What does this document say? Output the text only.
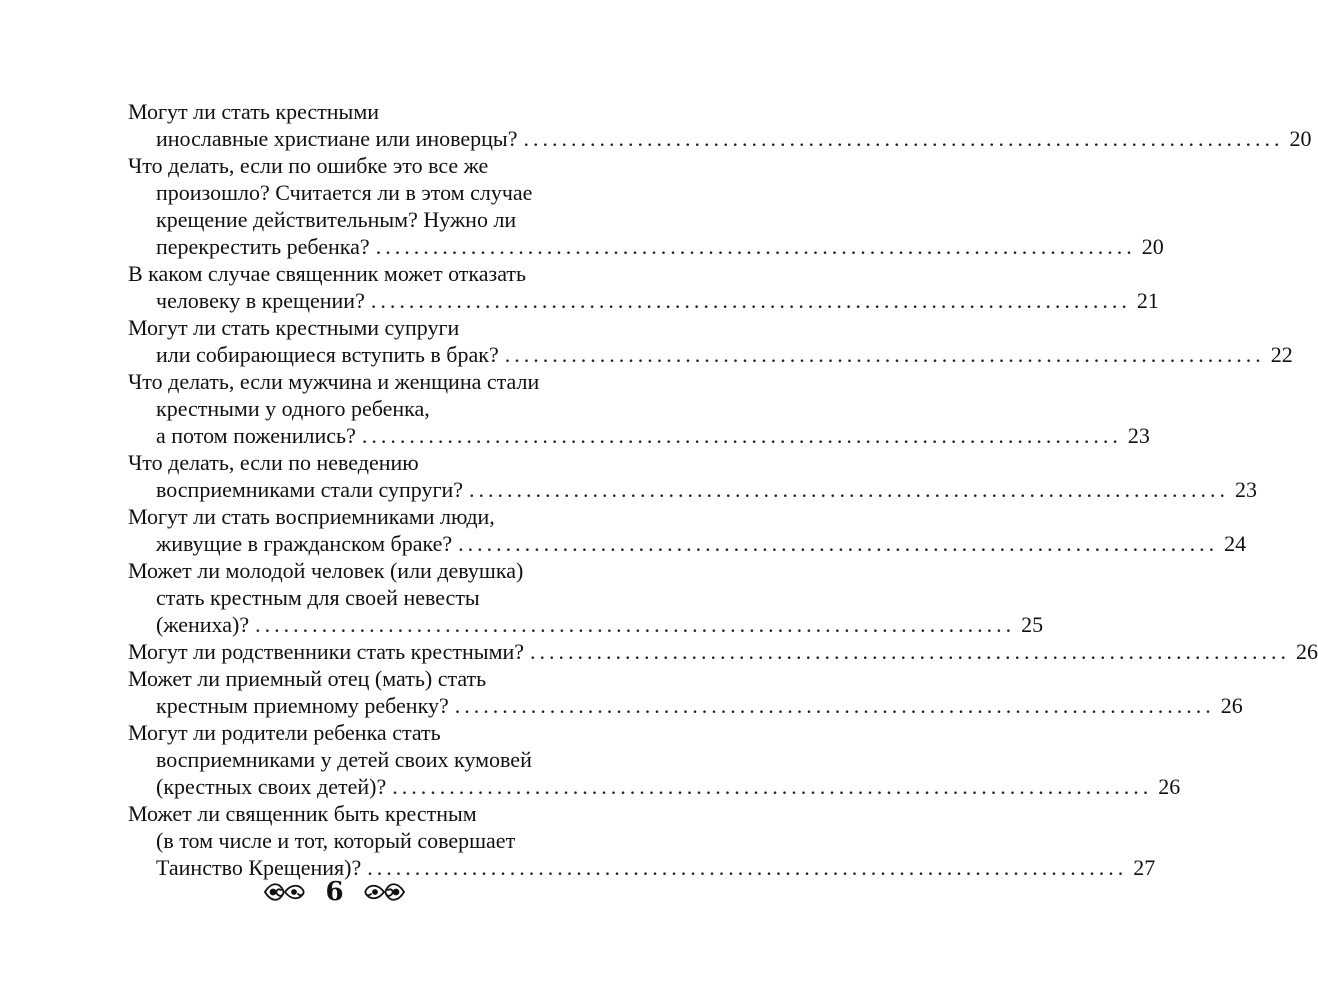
Могут ли стать крестными
инославные христиане или иноверцы? ................................................................................ 20
Что делать, если по ошибке это все же
произошло? Считается ли в этом случае
крещение действительным? Нужно ли
перекрестить ребенка? ................................................................................ 20
В каком случае священник может отказать
человеку в крещении? ................................................................................ 21
Могут ли стать крестными супруги
или собирающиеся вступить в брак? ................................................................................ 22
Что делать, если мужчина и женщина стали
крестными у одного ребенка,
а потом поженились? ................................................................................ 23
Что делать, если по неведению
восприемниками стали супруги? ................................................................................ 23
Могут ли стать восприемниками люди,
живущие в гражданском браке? ................................................................................ 24
Может ли молодой человек (или девушка)
стать крестным для своей невесты
(жениха)? ................................................................................ 25
Могут ли родственники стать крестными? ................................................................................ 26
Может ли приемный отец (мать) стать
крестным приемному ребенку? ................................................................................ 26
Могут ли родители ребенка стать
восприемниками у детей своих кумовей
(крестных своих детей)? ................................................................................ 26
Может ли священник быть крестным
(в том числе и тот, который совершает
Таинство Крещения)? ................................................................................ 27
6
